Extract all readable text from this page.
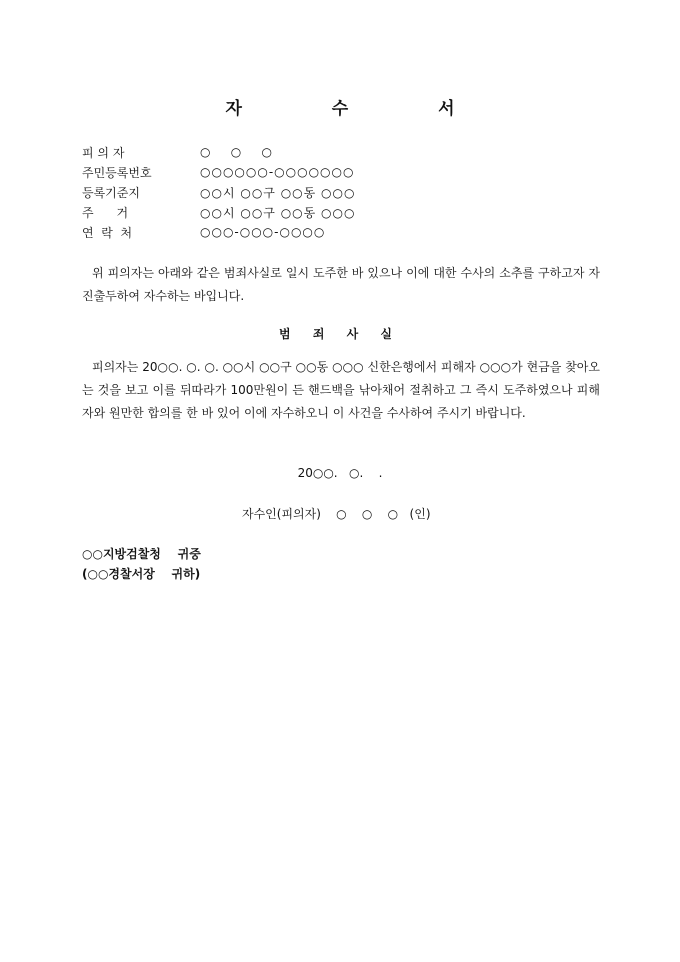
자 수 서
피 의 자	○    ○    ○
주민등록번호	○○○○○○-○○○○○○○
등록기준지	○○시 ○○구 ○○동 ○○○
주      거	○○시 ○○구 ○○동 ○○○
연  락  처	○○○-○○○-○○○○
위 피의자는 아래와 같은 범죄사실로 일시 도주한 바 있으나 이에 대한 수사의 소추를 구하고자 자진출두하여 자수하는 바입니다.
범 죄 사 실
피의자는 20○○. ○. ○. ○○시 ○○구 ○○동 ○○○ 신한은행에서 피해자 ○○○가 현금을 찾아오는 것을 보고 이를 뒤따라가 100만원이 든 핸드백을 낚아채어 절취하고 그 즉시 도주하였으나 피해자와 원만한 합의를 한 바 있어 이에 자수하오니 이 사건을 수사하여 주시기 바랍니다.
20○○.   ○.    .
자수인(피의자)    ○    ○    ○   (인)
○○지방검찰청    귀중
(○○경찰서장    귀하)
